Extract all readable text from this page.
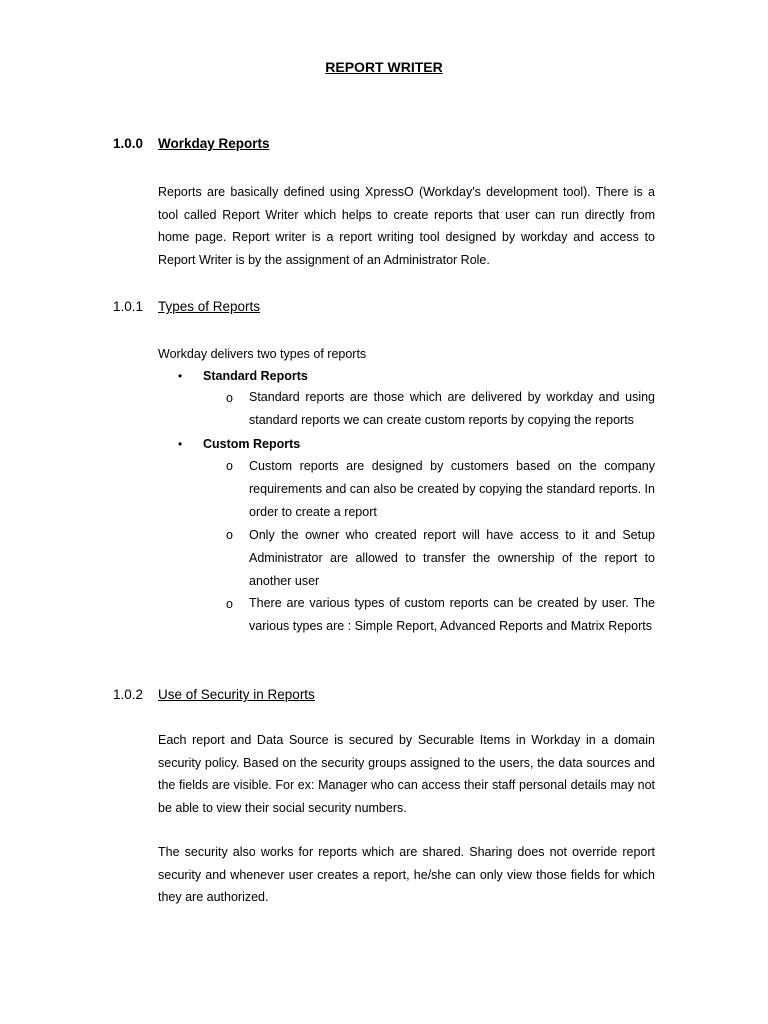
REPORT WRITER
1.0.0 Workday Reports

Reports are basically defined using XpressO (Workday's development tool). There is a tool called Report Writer which helps to create reports that user can run directly from home page. Report writer is a report writing tool designed by workday and access to Report Writer is by the assignment of an Administrator Role.

1.0.1 Types of Reports
Workday delivers two types of reports
• Standard Reports
o Standard reports are those which are delivered by workday and using standard reports we can create custom reports by copying the reports

• Custom Reports
o Custom reports are designed by customers based on the company requirements and can also be created by copying the standard reports. In order to create a report

o Only the owner who created report will have access to it and Setup Administrator are allowed to transfer the ownership of the report to another user

o There are various types of custom reports can be created by user. The various types are : Simple Report, Advanced Reports and Matrix Reports

1.0.2 Use of Security in Reports

Each report and Data Source is secured by Securable Items in Workday in a domain security policy. Based on the security groups assigned to the users, the data sources and the fields are visible. For ex: Manager who can access their staff personal details may not be able to view their social security numbers.

The security also works for reports which are shared. Sharing does not override report security and whenever user creates a report, he/she can only view those fields for which they are authorized.
